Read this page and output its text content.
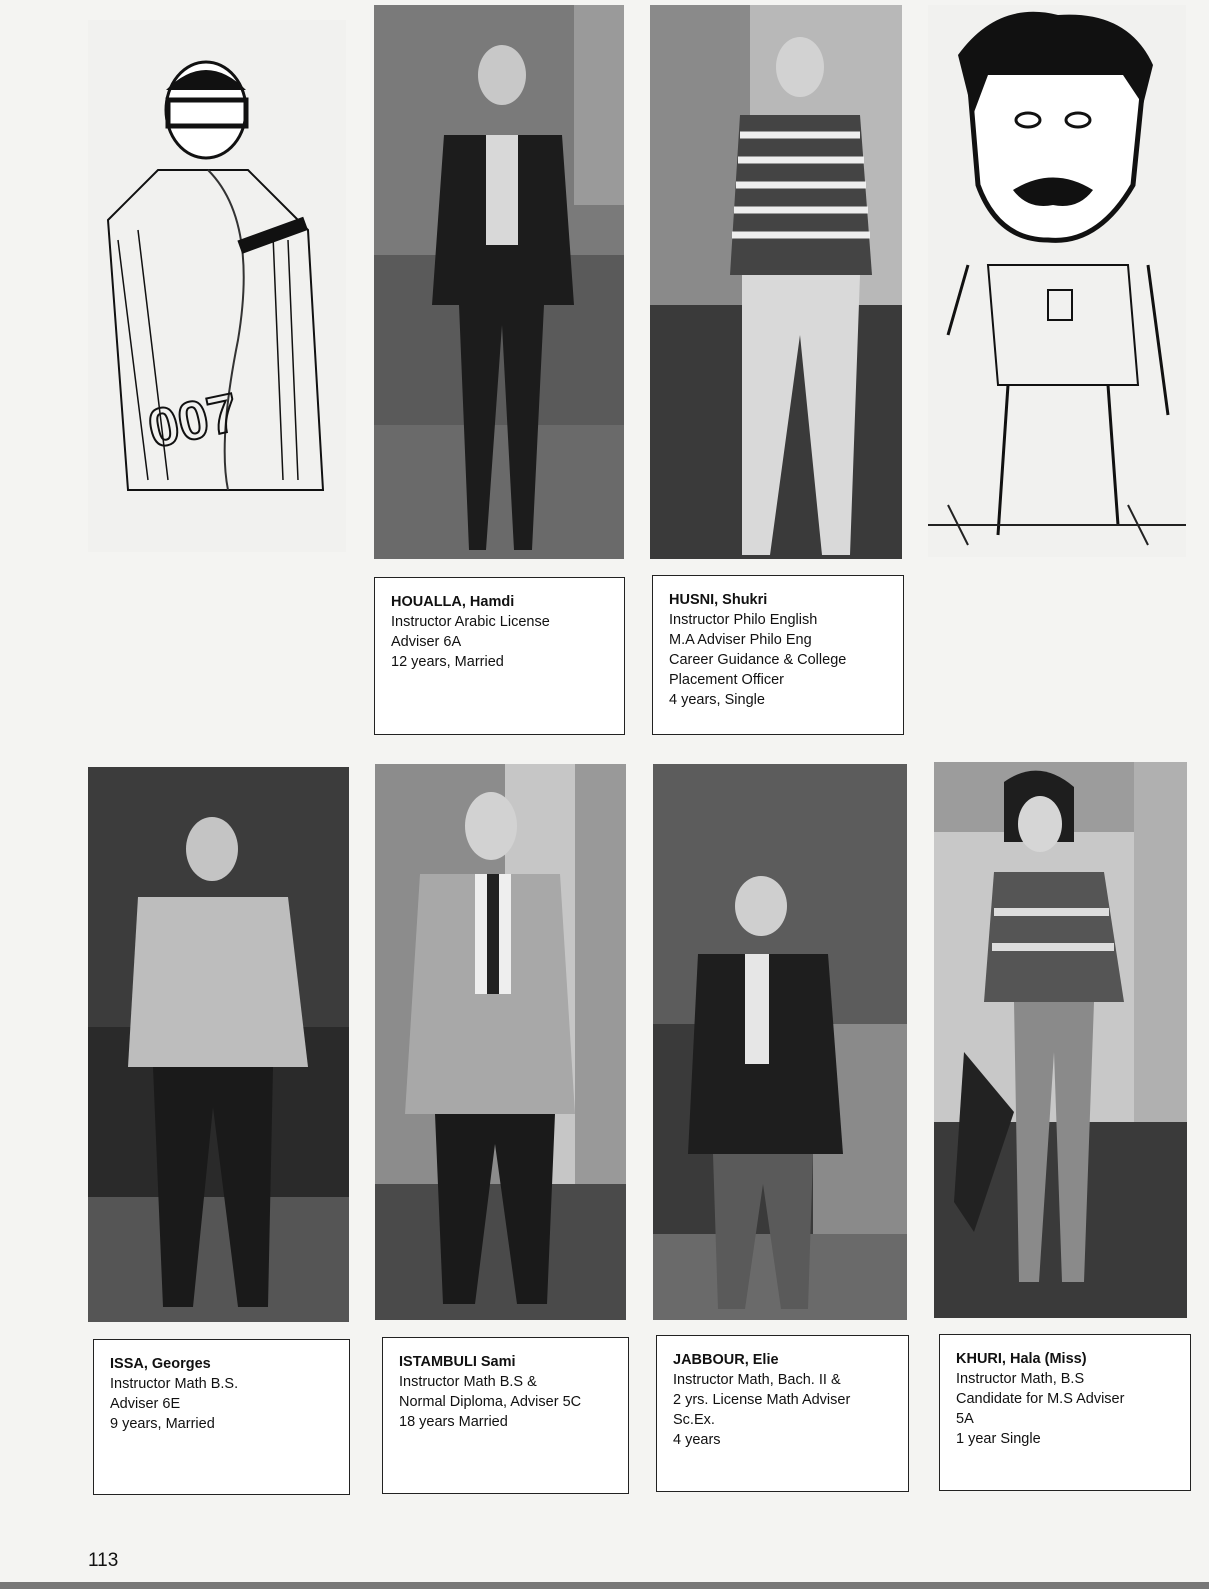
007
HOUALLA, Hamdi
Instructor Arabic License
Adviser 6A
12 years, Married
HUSNI, Shukri
Instructor Philo English
M.A Adviser Philo Eng
Career Guidance & College
Placement Officer
4 years, Single
ISSA, Georges
Instructor Math B.S.
Adviser 6E
9 years, Married
ISTAMBULI Sami
Instructor Math B.S &
Normal Diploma, Adviser 5C
18 years Married
JABBOUR, Elie
Instructor Math, Bach. II &
2 yrs. License Math Adviser
Sc.Ex.
4 years
KHURI, Hala (Miss)
Instructor Math, B.S
Candidate for M.S Adviser
5A
1 year Single
113
